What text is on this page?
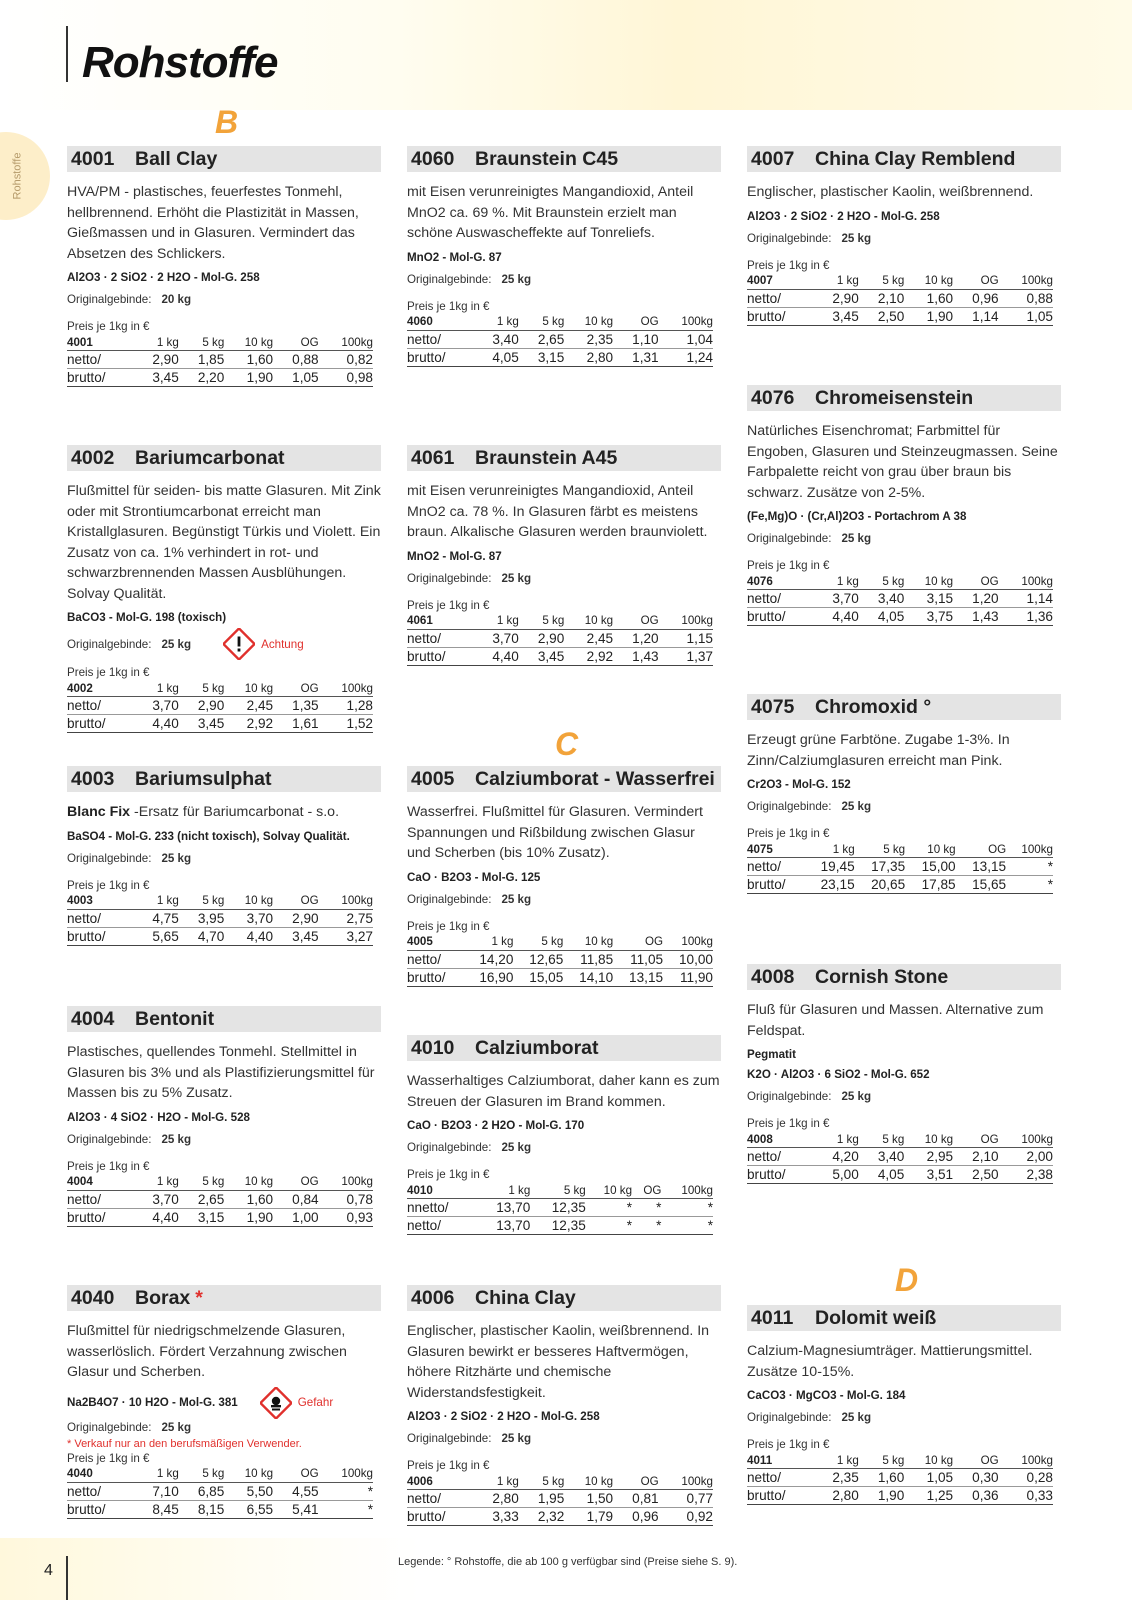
Rohstoffe
Rohstoffe
B
4001	Ball Clay
HVA/PM - plastisches, feuerfestes Tonmehl, hellbrennend. Erhöht die Plastizität in Massen, Gießmassen und in Glasuren. Vermindert das Absetzen des Schlickers.
Al2O3 · 2 SiO2 · 2 H2O - Mol-G. 258
Originalgebinde: 20 kg
Preis je 1kg in €
4001	1 kg	5 kg	10 kg	OG	100kg
netto/	2,90	1,85	1,60	0,88	0,82
brutto/	3,45	2,20	1,90	1,05	0,98
4002	Bariumcarbonat
Flußmittel für seiden- bis matte Glasuren. Mit Zink oder mit Strontiumcarbonat erreicht man Kristallglasuren. Begünstigt Türkis und Violett. Ein Zusatz von ca. 1% verhindert in rot- und schwarzbrennenden Massen Ausblühungen. Solvay Qualität.
BaCO3 - Mol-G. 198 (toxisch)
Originalgebinde: 25 kg	Achtung
Preis je 1kg in €
4002	1 kg	5 kg	10 kg	OG	100kg
netto/	3,70	2,90	2,45	1,35	1,28
brutto/	4,40	3,45	2,92	1,61	1,52
4003	Bariumsulphat
Blanc Fix -Ersatz für Bariumcarbonat - s.o.
BaSO4 - Mol-G. 233 (nicht toxisch), Solvay Qualität.
Originalgebinde: 25 kg
Preis je 1kg in €
4003	1 kg	5 kg	10 kg	OG	100kg
netto/	4,75	3,95	3,70	2,90	2,75
brutto/	5,65	4,70	4,40	3,45	3,27
4004	Bentonit
Plastisches, quellendes Tonmehl. Stellmittel in Glasuren bis 3% und als Plastifizierungsmittel für Massen bis zu 5% Zusatz.
Al2O3 · 4 SiO2 · H2O - Mol-G. 528
Originalgebinde: 25 kg
Preis je 1kg in €
4004	1 kg	5 kg	10 kg	OG	100kg
netto/	3,70	2,65	1,60	0,84	0,78
brutto/	4,40	3,15	1,90	1,00	0,93
4040	Borax *
Flußmittel für niedrigschmelzende Glasuren, wasserlöslich. Fördert Verzahnung zwischen Glasur und Scherben.
Na2B4O7 · 10 H2O - Mol-G. 381	Gefahr
Originalgebinde: 25 kg
* Verkauf nur an den berufsmäßigen Verwender.
Preis je 1kg in €
4040	1 kg	5 kg	10 kg	OG	100kg
netto/	7,10	6,85	5,50	4,55	*
brutto/	8,45	8,15	6,55	5,41	*
4060	Braunstein C45
mit Eisen verunreinigtes Mangandioxid, Anteil MnO2 ca. 69 %. Mit Braunstein erzielt man schöne Auswascheffekte auf Tonreliefs.
MnO2 - Mol-G. 87
Originalgebinde: 25 kg
Preis je 1kg in €
4060	1 kg	5 kg	10 kg	OG	100kg
netto/	3,40	2,65	2,35	1,10	1,04
brutto/	4,05	3,15	2,80	1,31	1,24
4061	Braunstein A45
mit Eisen verunreinigtes Mangandioxid, Anteil MnO2 ca. 78 %. In Glasuren färbt es meistens braun. Alkalische Glasuren werden braunviolett.
MnO2 - Mol-G. 87
Originalgebinde: 25 kg
Preis je 1kg in €
4061	1 kg	5 kg	10 kg	OG	100kg
netto/	3,70	2,90	2,45	1,20	1,15
brutto/	4,40	3,45	2,92	1,43	1,37
C
4005	Calziumborat - Wasserfrei
Wasserfrei. Flußmittel für Glasuren. Vermindert Spannungen und Rißbildung zwischen Glasur und Scherben (bis 10% Zusatz).
CaO · B2O3 - Mol-G. 125
Originalgebinde: 25 kg
Preis je 1kg in €
4005	1 kg	5 kg	10 kg	OG	100kg
netto/	14,20	12,65	11,85	11,05	10,00
brutto/	16,90	15,05	14,10	13,15	11,90
4010	Calziumborat
Wasserhaltiges Calziumborat, daher kann es zum Streuen der Glasuren im Brand kommen.
CaO · B2O3 · 2 H2O - Mol-G. 170
Originalgebinde: 25 kg
Preis je 1kg in €
4010	1 kg	5 kg	10 kg	OG	100kg
nnetto/	13,70	12,35	*	*	*
netto/	13,70	12,35	*	*	*
4006	China Clay
Englischer, plastischer Kaolin, weißbrennend. In Glasuren bewirkt er besseres Haftvermögen, höhere Ritzhärte und chemische Widerstandsfestigkeit.
Al2O3 · 2 SiO2 · 2 H2O - Mol-G. 258
Originalgebinde: 25 kg
Preis je 1kg in €
4006	1 kg	5 kg	10 kg	OG	100kg
netto/	2,80	1,95	1,50	0,81	0,77
brutto/	3,33	2,32	1,79	0,96	0,92
4007	China Clay Remblend
Englischer, plastischer Kaolin, weißbrennend.
Al2O3 · 2 SiO2 · 2 H2O - Mol-G. 258
Originalgebinde: 25 kg
Preis je 1kg in €
4007	1 kg	5 kg	10 kg	OG	100kg
netto/	2,90	2,10	1,60	0,96	0,88
brutto/	3,45	2,50	1,90	1,14	1,05
4076	Chromeisenstein
Natürliches Eisenchromat; Farbmittel für Engoben, Glasuren und Steinzeugmassen. Seine Farbpalette reicht von grau über braun bis schwarz. Zusätze von 2-5%.
(Fe,Mg)O · (Cr,Al)2O3 - Portachrom A 38
Originalgebinde: 25 kg
Preis je 1kg in €
4076	1 kg	5 kg	10 kg	OG	100kg
netto/	3,70	3,40	3,15	1,20	1,14
brutto/	4,40	4,05	3,75	1,43	1,36
4075	Chromoxid °
Erzeugt grüne Farbtöne. Zugabe 1-3%. In Zinn/Calziumglasuren erreicht man Pink.
Cr2O3 - Mol-G. 152
Originalgebinde: 25 kg
Preis je 1kg in €
4075	1 kg	5 kg	10 kg	OG	100kg
netto/	19,45	17,35	15,00	13,15	*
brutto/	23,15	20,65	17,85	15,65	*
4008	Cornish Stone
Fluß für Glasuren und Massen. Alternative zum Feldspat.
Pegmatit
K2O · Al2O3 · 6 SiO2 - Mol-G. 652
Originalgebinde: 25 kg
Preis je 1kg in €
4008	1 kg	5 kg	10 kg	OG	100kg
netto/	4,20	3,40	2,95	2,10	2,00
brutto/	5,00	4,05	3,51	2,50	2,38
D
4011	Dolomit weiß
Calzium-Magnesiumträger. Mattierungsmittel. Zusätze 10-15%.
CaCO3 · MgCO3 - Mol-G. 184
Originalgebinde: 25 kg
Preis je 1kg in €
4011	1 kg	5 kg	10 kg	OG	100kg
netto/	2,35	1,60	1,05	0,30	0,28
brutto/	2,80	1,90	1,25	0,36	0,33
4	Legende: ° Rohstoffe, die ab 100 g verfügbar sind (Preise siehe S. 9).
